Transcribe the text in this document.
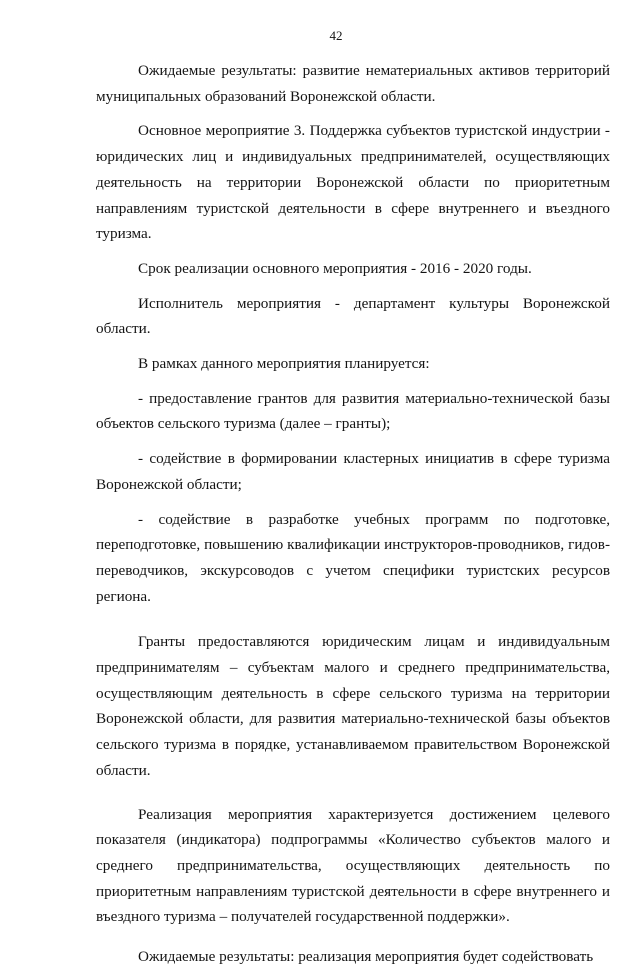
42

Ожидаемые результаты: развитие нематериальных активов территорий муниципальных образований Воронежской области.

Основное мероприятие 3. Поддержка субъектов туристской индустрии - юридических лиц и индивидуальных предпринимателей, осуществляющих деятельность на территории Воронежской области по приоритетным направлениям туристской деятельности в сфере внутреннего и въездного туризма.

Срок реализации основного мероприятия - 2016 - 2020 годы.

Исполнитель мероприятия - департамент культуры Воронежской области.

В рамках данного мероприятия планируется:

- предоставление грантов для развития материально-технической базы объектов сельского туризма (далее – гранты);

- содействие в формировании кластерных инициатив в сфере туризма Воронежской области;

- содействие в разработке учебных программ по подготовке, переподготовке, повышению квалификации инструкторов-проводников, гидов-переводчиков, экскурсоводов с учетом специфики туристских ресурсов региона.

Гранты предоставляются юридическим лицам и индивидуальным предпринимателям – субъектам малого и среднего предпринимательства, осуществляющим деятельность в сфере сельского туризма на территории Воронежской области, для развития материально-технической базы объектов сельского туризма в порядке, устанавливаемом правительством Воронежской области.

Реализация мероприятия характеризуется достижением целевого показателя (индикатора) подпрограммы «Количество субъектов малого и среднего предпринимательства, осуществляющих деятельность по приоритетным направлениям туристской деятельности в сфере внутреннего и въездного туризма – получателей государственной поддержки».

Ожидаемые результаты: реализация мероприятия будет содействовать
